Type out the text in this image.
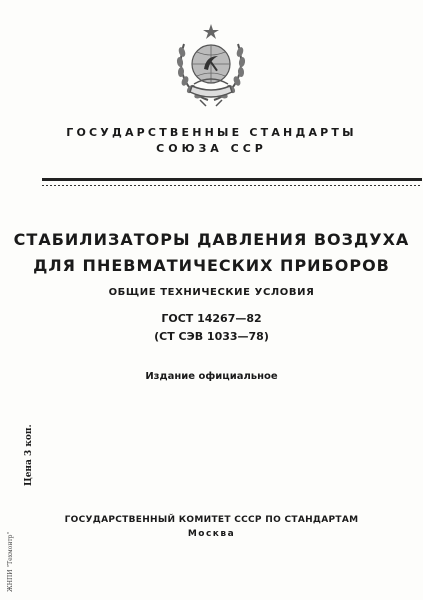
ГОСУДАРСТВЕННЫЕ СТАНДАРТЫ
СОЮЗА ССР
СТАБИЛИЗАТОРЫ ДАВЛЕНИЯ ВОЗДУХА
ДЛЯ ПНЕВМАТИЧЕСКИХ ПРИБОРОВ
ОБЩИЕ ТЕХНИЧЕСКИЕ УСЛОВИЯ
ГОСТ 14267—82
(СТ СЭВ 1033—78)
Издание официальное
Цена 3 коп.
ЖНПИ "Техмонтр"
ГОСУДАРСТВЕННЫЙ КОМИТЕТ СССР ПО СТАНДАРТАМ
Москва
